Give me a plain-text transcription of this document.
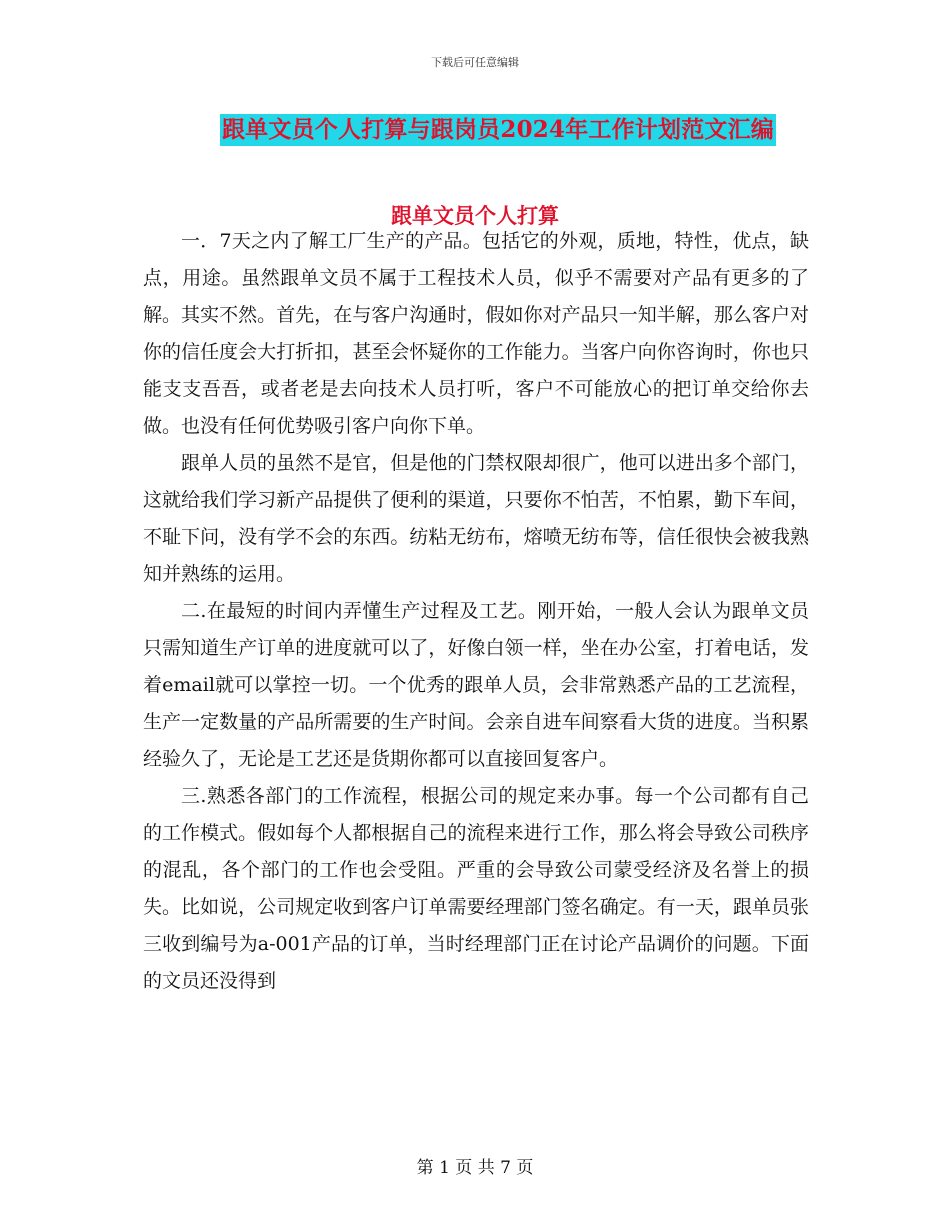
下载后可任意编辑
跟单文员个人打算与跟岗员2024年工作计划范文汇编
跟单文员个人打算

一．7天之内了解工厂生产的产品。包括它的外观，质地，特性，优点，缺点，用途。虽然跟单文员不属于工程技术人员，似乎不需要对产品有更多的了解。其实不然。首先，在与客户沟通时，假如你对产品只一知半解，那么客户对你的信任度会大打折扣，甚至会怀疑你的工作能力。当客户向你咨询时，你也只能支支吾吾，或者老是去向技术人员打听，客户不可能放心的把订单交给你去做。也没有任何优势吸引客户向你下单。

跟单人员的虽然不是官，但是他的门禁权限却很广，他可以进出多个部门，这就给我们学习新产品提供了便利的渠道，只要你不怕苦，不怕累，勤下车间，不耻下问，没有学不会的东西。纺粘无纺布，熔喷无纺布等，信任很快会被我熟知并熟练的运用。

二.在最短的时间内弄懂生产过程及工艺。刚开始，一般人会认为跟单文员只需知道生产订单的进度就可以了，好像白领一样，坐在办公室，打着电话，发着email就可以掌控一切。一个优秀的跟单人员，会非常熟悉产品的工艺流程，生产一定数量的产品所需要的生产时间。会亲自进车间察看大货的进度。当积累经验久了，无论是工艺还是货期你都可以直接回复客户。

三.熟悉各部门的工作流程，根据公司的规定来办事。每一个公司都有自己的工作模式。假如每个人都根据自己的流程来进行工作，那么将会导致公司秩序的混乱，各个部门的工作也会受阻。严重的会导致公司蒙受经济及名誉上的损失。比如说，公司规定收到客户订单需要经理部门签名确定。有一天，跟单员张三收到编号为a-001产品的订单，当时经理部门正在讨论产品调价的问题。下面的文员还没得到

第 1 页 共 7 页
